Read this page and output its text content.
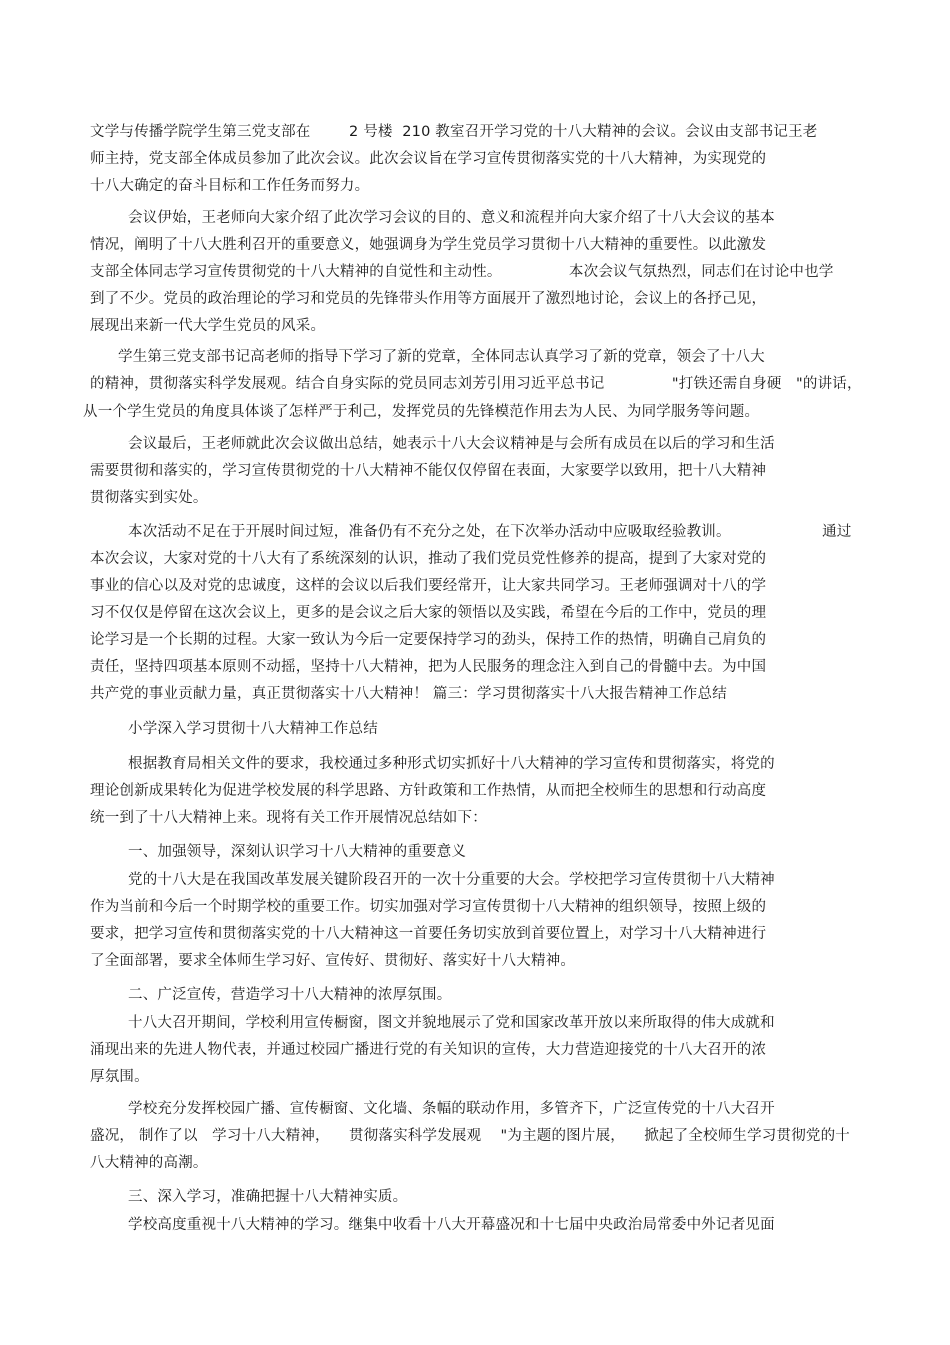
文学与传播学院学生第三党支部在        2 号楼  210 教室召开学习党的十八大精神的会议。会议由支部书记王老
师主持，党支部全体成员参加了此次会议。此次会议旨在学习宣传贯彻落实党的十八大精神，为实现党的
十八大确定的奋斗目标和工作任务而努力。
会议伊始，王老师向大家介绍了此次学习会议的目的、意义和流程并向大家介绍了十八大会议的基本
情况，阐明了十八大胜利召开的重要意义，她强调身为学生党员学习贯彻十八大精神的重要性。以此激发
支部全体同志学习宣传贯彻党的十八大精神的自觉性和主动性。              本次会议气氛热烈，同志们在讨论中也学
到了不少。党员的政治理论的学习和党员的先锋带头作用等方面展开了激烈地讨论，会议上的各抒己见，
展现出来新一代大学生党员的风采。
学生第三党支部书记高老师的指导下学习了新的党章，全体同志认真学习了新的党章，领会了十八大
的精神，贯彻落实科学发展观。结合自身实际的党员同志刘芳引用习近平总书记              "打铁还需自身硬   "的讲话，
从一个学生党员的角度具体谈了怎样严于利己，发挥党员的先锋模范作用去为人民、为同学服务等问题。
会议最后，王老师就此次会议做出总结，她表示十八大会议精神是与会所有成员在以后的学习和生活
需要贯彻和落实的，学习宣传贯彻党的十八大精神不能仅仅停留在表面，大家要学以致用，把十八大精神
贯彻落实到实处。
本次活动不足在于开展时间过短，准备仍有不充分之处，在下次举办活动中应吸取经验教训。                   通过
本次会议，大家对党的十八大有了系统深刻的认识，推动了我们党员党性修养的提高，提到了大家对党的
事业的信心以及对党的忠诚度，这样的会议以后我们要经常开，让大家共同学习。王老师强调对十八的学
习不仅仅是停留在这次会议上，更多的是会议之后大家的领悟以及实践，希望在今后的工作中，党员的理
论学习是一个长期的过程。大家一致认为今后一定要保持学习的劲头，保持工作的热情，明确自己肩负的
责任，坚持四项基本原则不动摇，坚持十八大精神，把为人民服务的理念注入到自己的骨髓中去。为中国
共产党的事业贡献力量，真正贯彻落实十八大精神！ 篇三：学习贯彻落实十八大报告精神工作总结
小学深入学习贯彻十八大精神工作总结
根据教育局相关文件的要求，我校通过多种形式切实抓好十八大精神的学习宣传和贯彻落实，将党的
理论创新成果转化为促进学校发展的科学思路、方针政策和工作热情，从而把全校师生的思想和行动高度
统一到了十八大精神上来。现将有关工作开展情况总结如下：
一、加强领导，深刻认识学习十八大精神的重要意义
党的十八大是在我国改革发展关键阶段召开的一次十分重要的大会。学校把学习宣传贯彻十八大精神
作为当前和今后一个时期学校的重要工作。切实加强对学习宣传贯彻十八大精神的组织领导，按照上级的
要求，把学习宣传和贯彻落实党的十八大精神这一首要任务切实放到首要位置上，对学习十八大精神进行
了全面部署，要求全体师生学习好、宣传好、贯彻好、落实好十八大精神。
二、广泛宣传，营造学习十八大精神的浓厚氛围。
十八大召开期间，学校利用宣传橱窗，图文并貌地展示了党和国家改革开放以来所取得的伟大成就和
涌现出来的先进人物代表，并通过校园广播进行党的有关知识的宣传，大力营造迎接党的十八大召开的浓
厚氛围。
学校充分发挥校园广播、宣传橱窗、文化墙、条幅的联动作用，多管齐下，广泛宣传党的十八大召开
盛况， 制作了以   学习十八大精神，    贯彻落实科学发展观    "为主题的图片展，    掀起了全校师生学习贯彻党的十
八大精神的高潮。
三、深入学习，准确把握十八大精神实质。
学校高度重视十八大精神的学习。继集中收看十八大开幕盛况和十七届中央政治局常委中外记者见面
